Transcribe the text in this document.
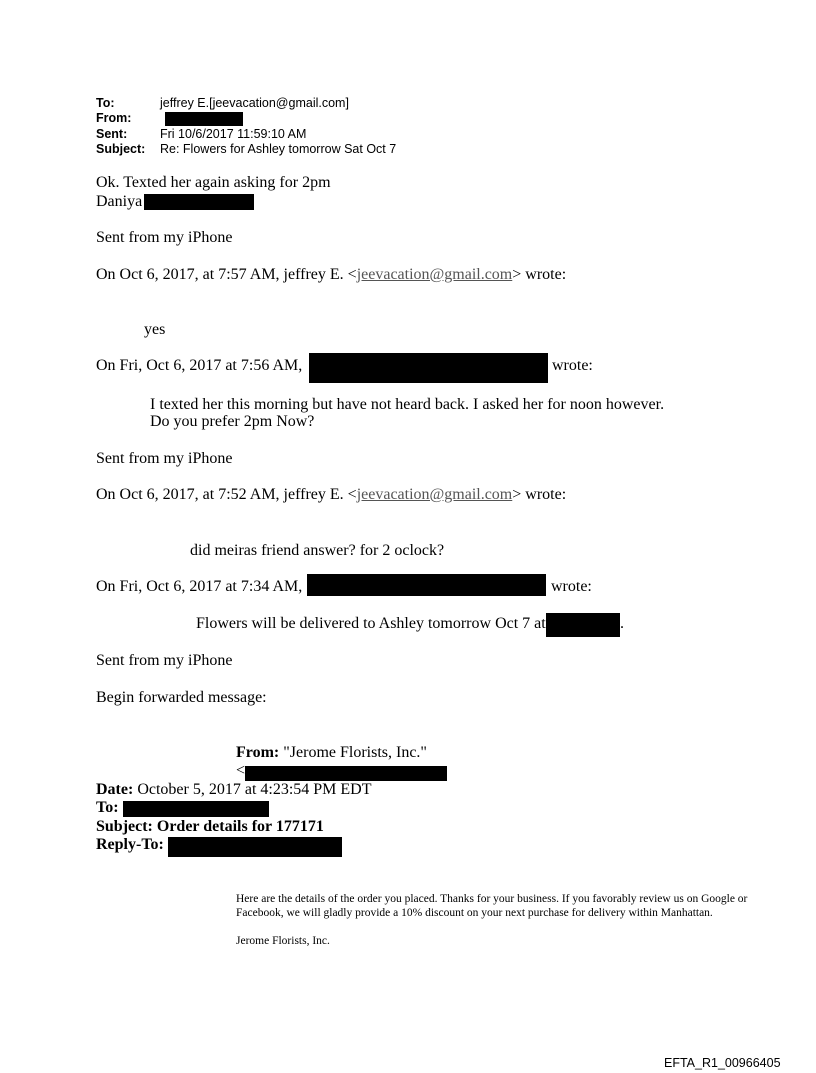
To:	jeffrey E.[jeevacation@gmail.com]
From:
Sent:	Fri 10/6/2017 11:59:10 AM
Subject: Re: Flowers for Ashley tomorrow Sat Oct 7
Ok. Texted her again asking for 2pm
Daniya
Sent from my iPhone
On Oct 6, 2017, at 7:57 AM, jeffrey E. <jeevacation@gmail.com> wrote:
yes
On Fri, Oct 6, 2017 at 7:56 AM,	wrote:
I texted her this morning but have not heard back. I asked her for noon however.
Do you prefer 2pm Now?
Sent from my iPhone
On Oct 6, 2017, at 7:52 AM, jeffrey E. <jeevacation@gmail.com> wrote:
did meiras friend answer? for 2 oclock?
On Fri, Oct 6, 2017 at 7:34 AM,	wrote:
Flowers will be delivered to Ashley tomorrow Oct 7 at	.
Sent from my iPhone
Begin forwarded message:
From: "Jerome Florists, Inc."
<
Date: October 5, 2017 at 4:23:54 PM EDT
To:
Subject: Order details for 177171
Reply-To:
Here are the details of the order you placed. Thanks for your business. If you favorably review us on Google or Facebook, we will gladly provide a 10% discount on your next purchase for delivery within Manhattan.
Jerome Florists, Inc.
EFTA_R1_00966405
